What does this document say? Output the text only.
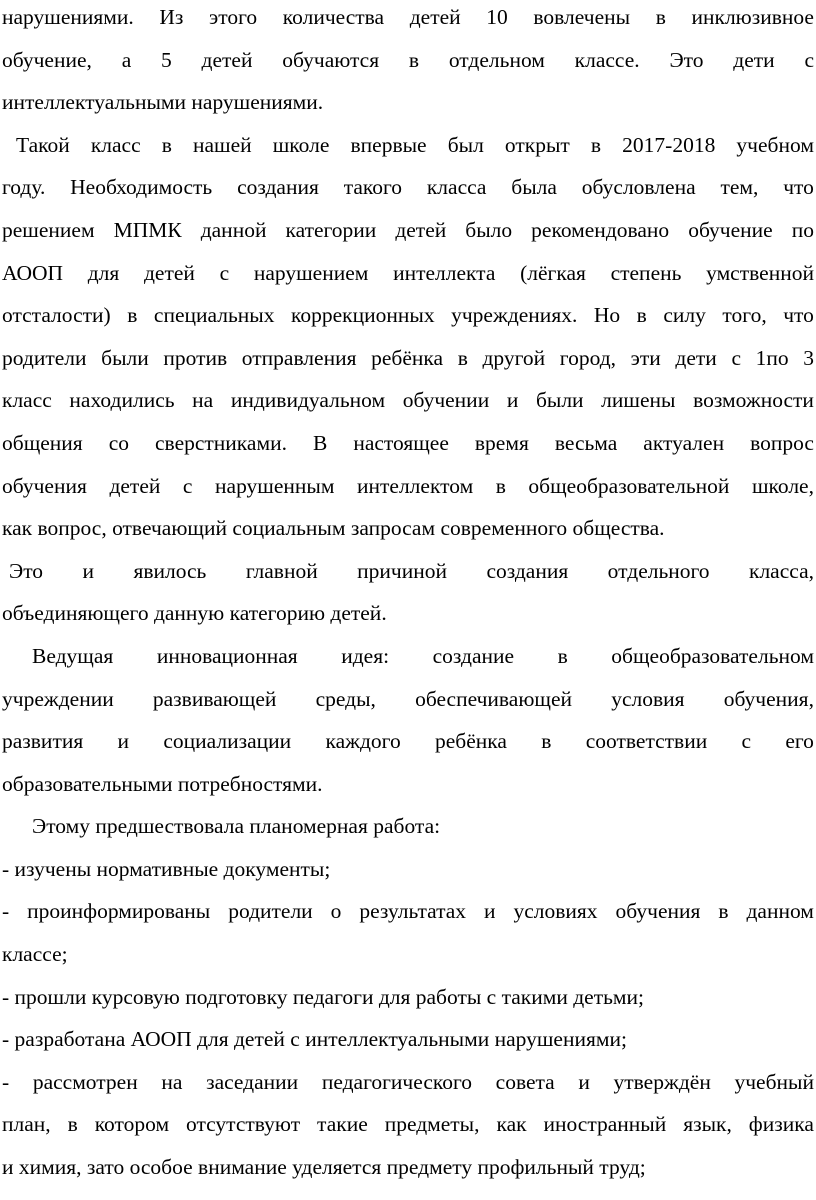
нарушениями. Из этого количества детей 10 вовлечены в инклюзивное
обучение, а 5 детей обучаются в отдельном классе. Это дети с
интеллектуальными нарушениями.
Такой класс в нашей школе впервые был открыт в 2017-2018 учебном
году. Необходимость создания такого класса была обусловлена тем, что
решением МПМК данной категории детей было рекомендовано обучение по
АООП для детей с нарушением интеллекта (лёгкая степень умственной
отсталости) в специальных коррекционных учреждениях. Но в силу того, что
родители были против отправления ребёнка в другой город, эти дети с 1по 3
класс находились на индивидуальном обучении и были лишены возможности
общения со сверстниками. В настоящее время весьма актуален вопрос
обучения детей с нарушенным интеллектом в общеобразовательной школе,
как вопрос, отвечающий социальным запросам современного общества.
Это и явилось главной причиной создания отдельного класса,
объединяющего данную категорию детей.
Ведущая инновационная идея: создание в общеобразовательном
учреждении развивающей среды, обеспечивающей условия обучения,
развития и социализации каждого ребёнка в соответствии с его
образовательными потребностями.
Этому предшествовала планомерная работа:
- изучены нормативные документы;
- проинформированы родители о результатах и условиях обучения в данном
классе;
- прошли курсовую подготовку педагоги для работы с такими детьми;
- разработана АООП для детей с интеллектуальными нарушениями;
- рассмотрен на заседании педагогического совета и утверждён учебный
план, в котором отсутствуют такие предметы, как иностранный язык, физика
и химия, зато особое внимание уделяется предмету профильный труд;
